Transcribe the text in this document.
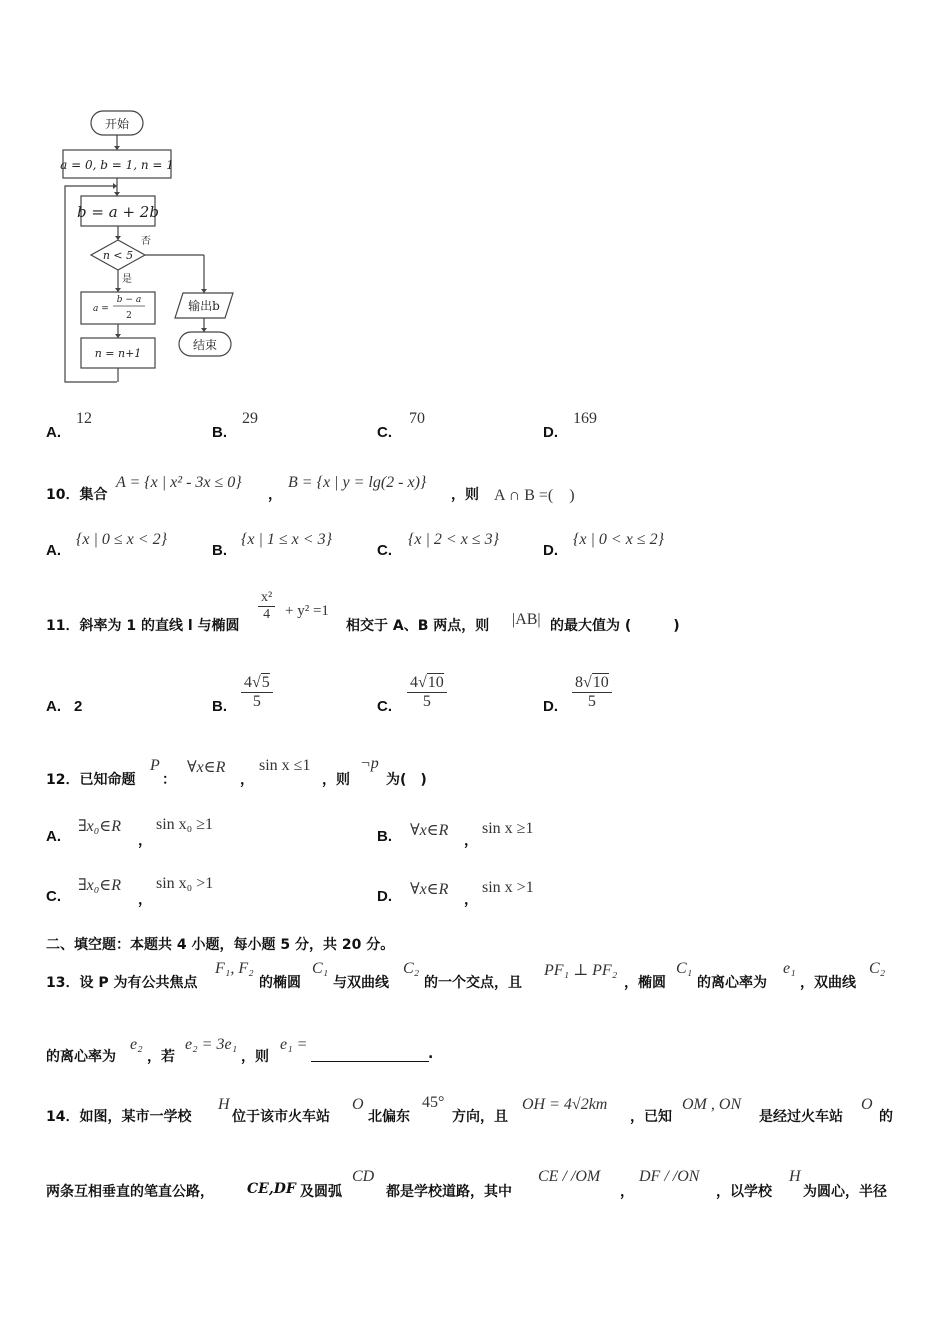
开始
a = 0, b = 1, n = 1
b = a + 2b
n < 5
否
是
a =
b − a
2
n = n+1
输出b
结束
A.
12
B.
29
C.
70
D.
169
10．集合
A = {x | x² - 3x ≤ 0}
，
B = {x | y = lg(2 - x)}
，则 A ∩ B =(　)
A.
{x | 0 ≤ x < 2}
B.
{x | 1 ≤ x < 3}
C.
{x | 2 < x ≤ 3}
D.
{x | 0 < x ≤ 2}
11．斜率为 1 的直线 l 与椭圆
$\frac{\text{x²}}{4} + y^2 =1$
相交于 A、B 两点，则 |AB| 的最大值为 (　　　)
A. 2	B. $\frac{4√5}{5}$	C. $\frac{4√10}{5}$	D. $\frac{8√10}{5}$
12．已知命题
P
：
∀x∈R
，
sin x ≤1
，则
¬p
为(　)
A.
∃x₀∈R
，
sin x₀ ≥1
B. ∀x∈R
，
sin x ≥1
C.
∃x₀∈R
，
sin x₀ >1
D. ∀x∈R
，
sin x >1
二、填空题：本题共 4 小题，每小题 5 分，共 20 分。
13．设 P 为有公共焦点
F₁, F₂
的椭圆
C₁
与双曲线
C₂
的一个交点，且
PF₁ ⊥ PF₂
，椭圆
C₁
的离心率为
e₁
，双曲线
C₂
的离心率为
e₂
，若
e₂ = 3e₁
，则
e₁ =
.
14．如图，某市一学校
H
位于该市火车站
O
北偏东
45°
方向，且
OH = 4√2km
，已知
OM , ON
是经过火车站
O
的
两条互相垂直的笔直公路， CE,DF 及圆弧
CD
都是学校道路，其中
CE / /OM
，
DF / /ON
，以学校
H
为圆心，半径
